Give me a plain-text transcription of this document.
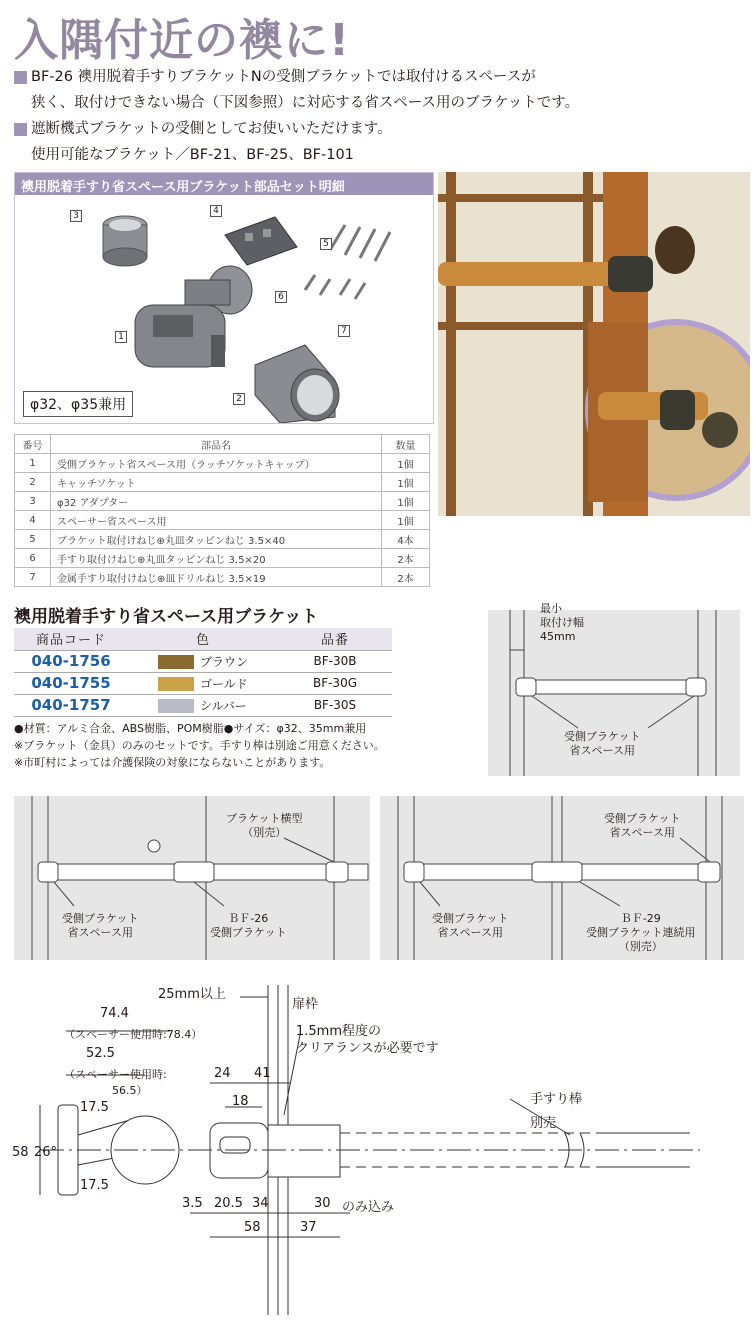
入隅付近の襖に!
BF-26 襖用脱着手すりブラケットNの受側ブラケットでは取付けるスペースが
狭く、取付けできない場合（下図参照）に対応する省スペース用のブラケットです。
遮断機式ブラケットの受側としてお使いいただけます。
使用可能なブラケット／BF-21、BF-25、BF-101
襖用脱着手すり省スペース用ブラケット部品セット明細
3	4
5
6
7
1
2
φ32、φ35兼用
番号	部品名	数量
1	受側ブラケット省スペース用（ラッチソケットキャップ）	1個
2	キャッチソケット	1個
3	φ32 アダプター	1個
4	スペーサー省スペース用	1個
5	ブラケット取付けねじ⊕丸皿タッピンねじ 3.5×40	4本
6	手すり取付けねじ⊕丸皿タッピンねじ 3.5×20	2本
7	金属手すり取付けねじ⊕皿ドリルねじ 3.5×19	2本
襖用脱着手すり省スペース用ブラケット
商品コード	色	品番
040-1756	ブラウン	BF-30B
040-1755	ゴールド	BF-30G
040-1757	シルバー	BF-30S
●材質：アルミ合金、ABS樹脂、POM樹脂●サイズ：φ32、35mm兼用
※ブラケット（金具）のみのセットです。手すり棒は別途ご用意ください。
※市町村によっては介護保険の対象にならないことがあります。
最小
取付け幅
45mm
受側ブラケット
省スペース用
ブラケット横型
（別売）
受側ブラケット
省スペース用
ＢＦ-26
受側ブラケット
受側ブラケット
省スペース用
受側ブラケット
省スペース用
ＢＦ-29
受側ブラケット連続用
（別売）
25mm以上
扉枠
1.5mm程度の
クリアランスが必要です
74.4
（スペーサー使用時:78.4）
52.5
（スペーサー使用時:
56.5）
24 41
18
17.5
17.5
58 26°
3.5 20.5 34	30 のみ込み
58	37
手すり棒
別売
